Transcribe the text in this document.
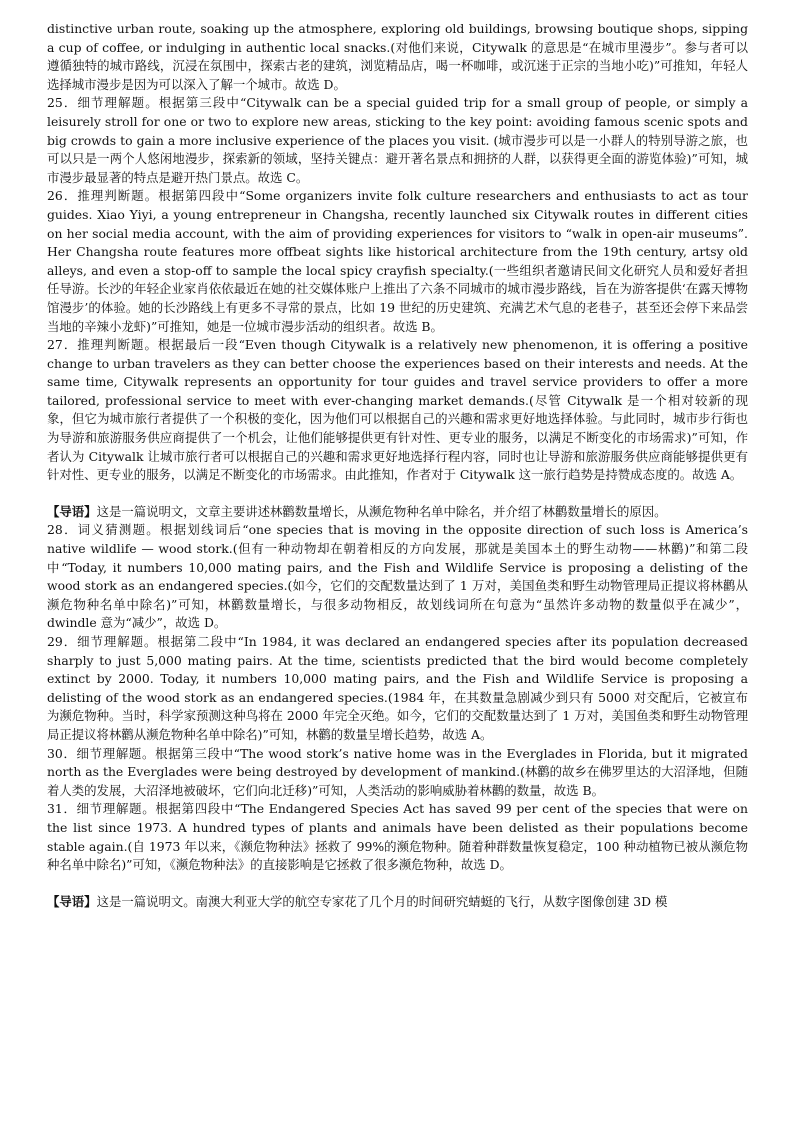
distinctive urban route, soaking up the atmosphere, exploring old buildings, browsing boutique shops, sipping a cup of coffee, or indulging in authentic local snacks.(对他们来说，Citywalk 的意思是“在城市里漫步”。参与者可以遵循独特的城市路线，沉浸在氛围中，探索古老的建筑，浏览精品店，喝一杯咖啡，或沉迷于正宗的当地小吃)”可推知，年轻人选择城市漫步是因为可以深入了解一个城市。故选 D。

25．细节理解题。根据第三段中“Citywalk can be a special guided trip for a small group of people, or simply a leisurely stroll for one or two to explore new areas, sticking to the key point: avoiding famous scenic spots and big crowds to gain a more inclusive experience of the places you visit. (城市漫步可以是一小群人的特别导游之旅，也可以只是一两个人悠闲地漫步，探索新的领域，坚持关键点：避开著名景点和拥挤的人群，以获得更全面的游览体验)”可知，城市漫步最显著的特点是避开热门景点。故选 C。

26．推理判断题。根据第四段中“Some organizers invite folk culture researchers and enthusiasts to act as tour guides. Xiao Yiyi, a young entrepreneur in Changsha, recently launched six Citywalk routes in different cities on her social media account, with the aim of providing experiences for visitors to “walk in open-air museums”. Her Changsha route features more offbeat sights like historical architecture from the 19th century, artsy old alleys, and even a stop-off to sample the local spicy crayfish specialty.(一些组织者邀请民间文化研究人员和爱好者担任导游。长沙的年轻企业家肖依依最近在她的社交媒体账户上推出了六条不同城市的城市漫步路线，旨在为游客提供‘在露天博物馆漫步’的体验。她的长沙路线上有更多不寻常的景点，比如 19 世纪的历史建筑、充满艺术气息的老巷子，甚至还会停下来品尝当地的辛辣小龙虾)”可推知，她是一位城市漫步活动的组织者。故选 B。

27．推理判断题。根据最后一段“Even though Citywalk is a relatively new phenomenon, it is offering a positive change to urban travelers as they can better choose the experiences based on their interests and needs. At the same time, Citywalk represents an opportunity for tour guides and travel service providers to offer a more tailored, professional service to meet with ever-changing market demands.(尽管 Citywalk 是一个相对较新的现象，但它为城市旅行者提供了一个积极的变化，因为他们可以根据自己的兴趣和需求更好地选择体验。与此同时，城市步行街也为导游和旅游服务供应商提供了一个机会，让他们能够提供更有针对性、更专业的服务，以满足不断变化的市场需求)”可知，作者认为 Citywalk 让城市旅行者可以根据自己的兴趣和需求更好地选择行程内容，同时也让导游和旅游服务供应商能够提供更有针对性、更专业的服务，以满足不断变化的市场需求。由此推知，作者对于 Citywalk 这一旅行趋势是持赞成态度的。故选 A。

【导语】这是一篇说明文，文章主要讲述林鹳数量增长，从濒危物种名单中除名，并介绍了林鹳数量增长的原因。

28．词义猜测题。根据划线词后“one species that is moving in the opposite direction of such loss is America’s native wildlife — wood stork.(但有一种动物却在朝着相反的方向发展，那就是美国本土的野生动物——林鹳)”和第二段中“Today, it numbers 10,000 mating pairs, and the Fish and Wildlife Service is proposing a delisting of the wood stork as an endangered species.(如今，它们的交配数量达到了 1 万对，美国鱼类和野生动物管理局正提议将林鹳从濒危物种名单中除名)”可知，林鹳数量增长，与很多动物相反，故划线词所在句意为“虽然许多动物的数量似乎在减少”，dwindle 意为“减少”，故选 D。

29．细节理解题。根据第二段中“In 1984, it was declared an endangered species after its population decreased sharply to just 5,000 mating pairs. At the time, scientists predicted that the bird would become completely extinct by 2000. Today, it numbers 10,000 mating pairs, and the Fish and Wildlife Service is proposing a delisting of the wood stork as an endangered species.(1984 年，在其数量急剧减少到只有 5000 对交配后，它被宣布为濒危物种。当时，科学家预测这种鸟将在 2000 年完全灭绝。如今，它们的交配数量达到了 1 万对，美国鱼类和野生动物管理局正提议将林鹳从濒危物种名单中除名)”可知，林鹳的数量呈增长趋势，故选 A。

30．细节理解题。根据第三段中“The wood stork’s native home was in the Everglades in Florida, but it migrated north as the Everglades were being destroyed by development of mankind.(林鹳的故乡在佛罗里达的大沼泽地，但随着人类的发展，大沼泽地被破坏，它们向北迁移)”可知，人类活动的影响威胁着林鹳的数量，故选 B。

31．细节理解题。根据第四段中“The Endangered Species Act has saved 99 per cent of the species that were on the list since 1973. A hundred types of plants and animals have been delisted as their populations become stable again.(自 1973 年以来，《濒危物种法》拯救了 99%的濒危物种。随着种群数量恢复稳定，100 种动植物已被从濒危物种名单中除名)”可知，《濒危物种法》的直接影响是它拯救了很多濒危物种，故选 D。

【导语】这是一篇说明文。南澳大利亚大学的航空专家花了几个月的时间研究蜻蜓的飞行，从数字图像创建 3D 模
